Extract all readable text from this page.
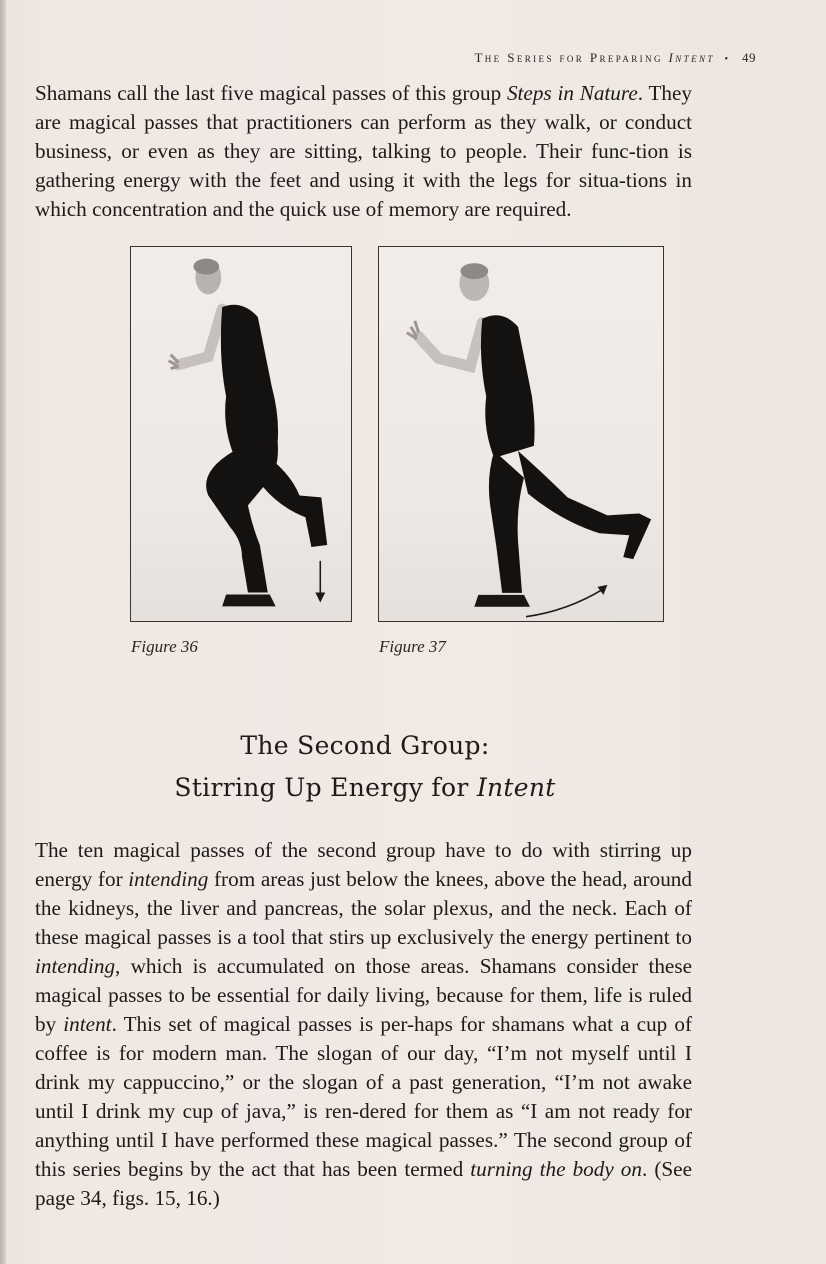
The Series for Preparing Intent • 49

Shamans call the last five magical passes of this group Steps in Nature. They are magical passes that practitioners can perform as they walk, or conduct business, or even as they are sitting, talking to people. Their func-tion is gathering energy with the feet and using it with the legs for situa-tions in which concentration and the quick use of memory are required.

Figure 36	Figure 37
The Second Group:
Stirring Up Energy for Intent

The ten magical passes of the second group have to do with stirring up energy for intending from areas just below the knees, above the head, around the kidneys, the liver and pancreas, the solar plexus, and the neck. Each of these magical passes is a tool that stirs up exclusively the energy pertinent to intending, which is accumulated on those areas. Shamans consider these magical passes to be essential for daily living, because for them, life is ruled by intent. This set of magical passes is per-haps for shamans what a cup of coffee is for modern man. The slogan of our day, “I’m not myself until I drink my cappuccino,” or the slogan of a past generation, “I’m not awake until I drink my cup of java,” is ren-dered for them as “I am not ready for anything until I have performed these magical passes.” The second group of this series begins by the act that has been termed turning the body on. (See page 34, figs. 15, 16.)
